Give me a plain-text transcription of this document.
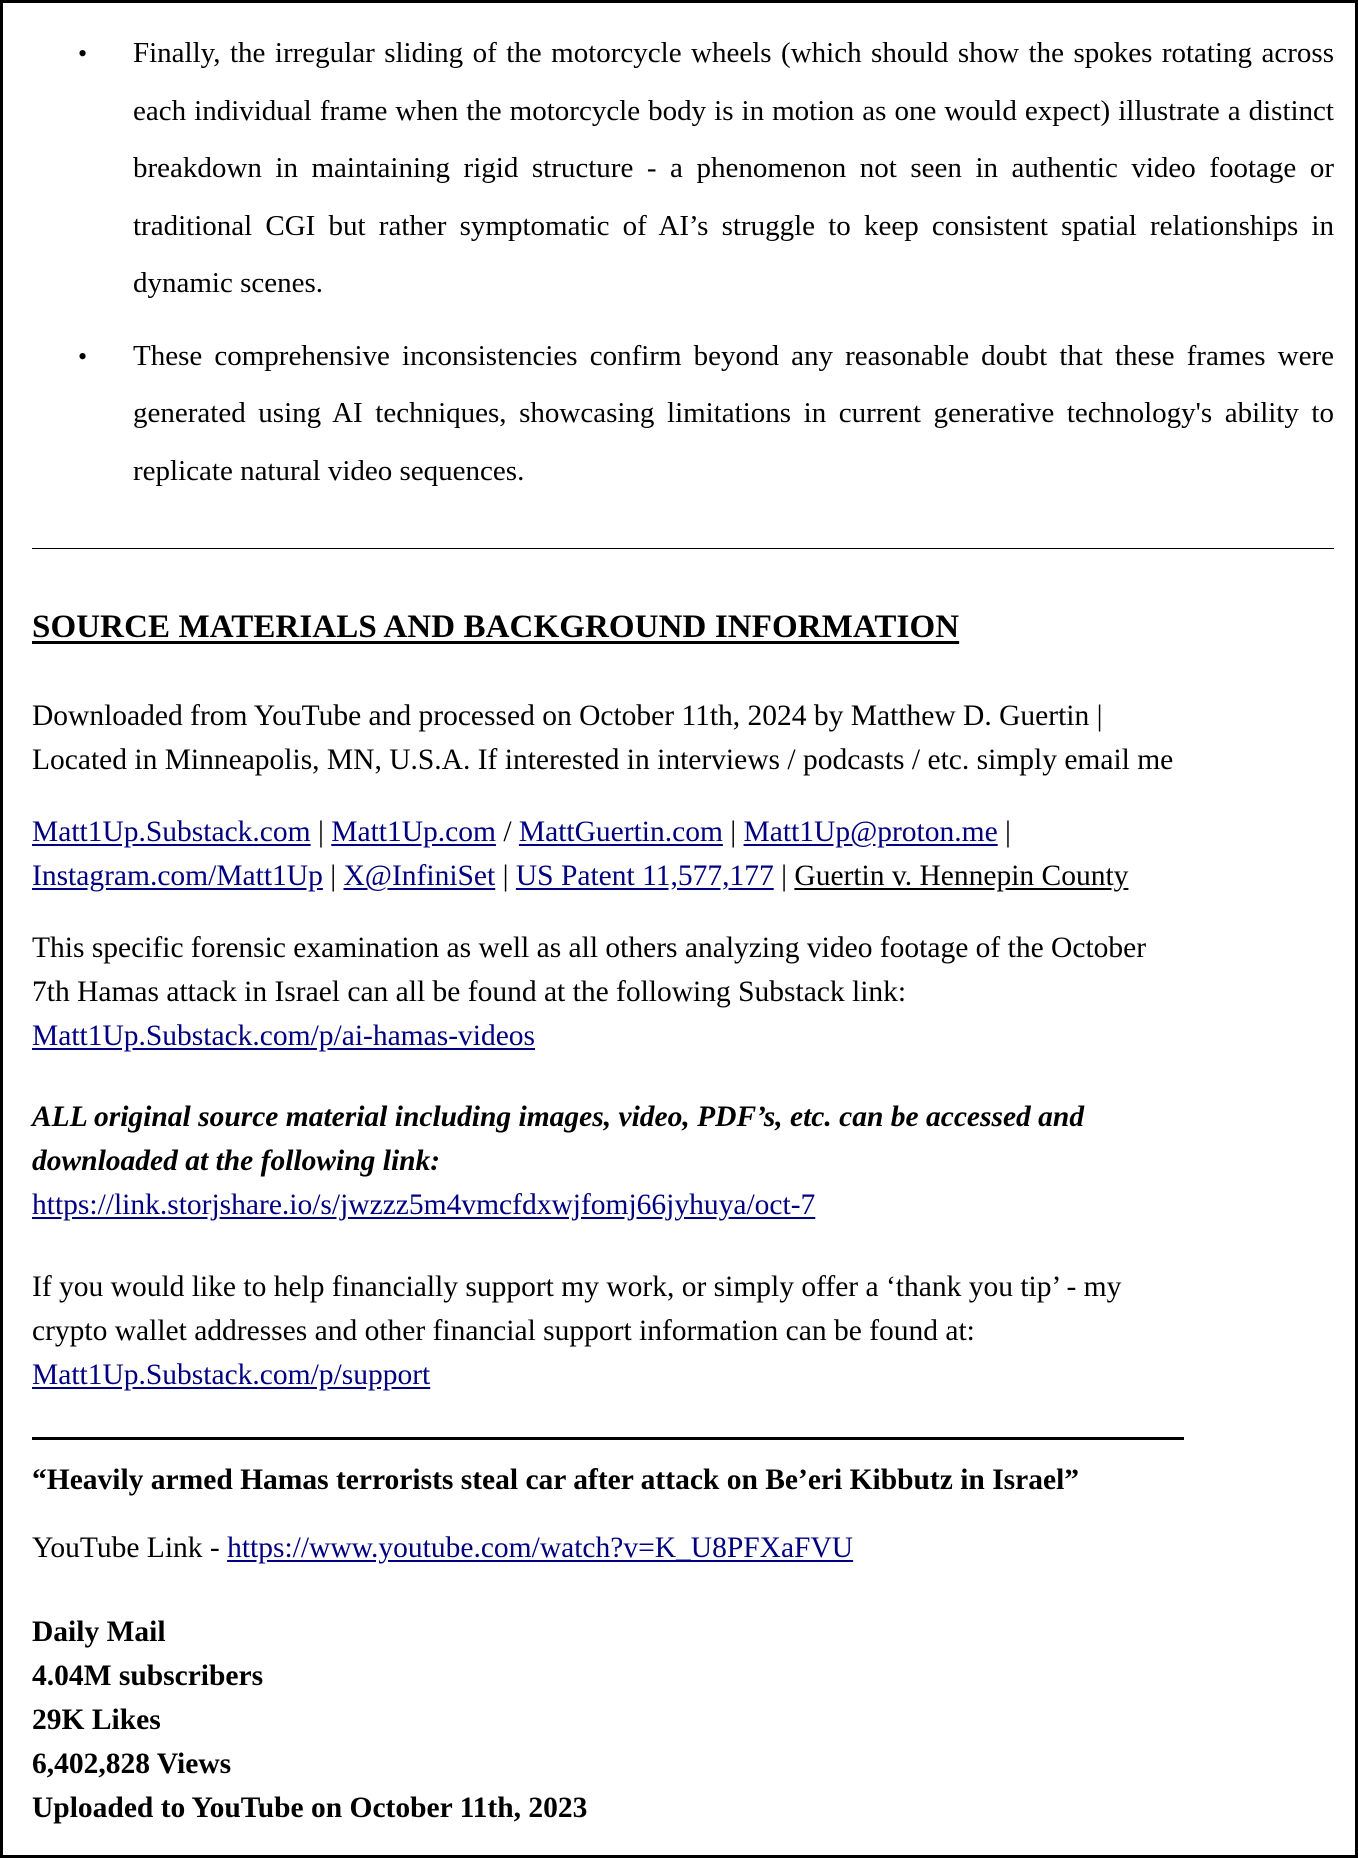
• Finally, the irregular sliding of the motorcycle wheels (which should show the spokes rotating across each individual frame when the motorcycle body is in motion as one would expect) illustrate a distinct breakdown in maintaining rigid structure - a phenomenon not seen in authentic video footage or traditional CGI but rather symptomatic of AI’s struggle to keep consistent spatial relationships in dynamic scenes.
• These comprehensive inconsistencies confirm beyond any reasonable doubt that these frames were generated using AI techniques, showcasing limitations in current generative technology's ability to replicate natural video sequences.
SOURCE MATERIALS AND BACKGROUND INFORMATION
Downloaded from YouTube and processed on October 11th, 2024 by Matthew D. Guertin |
Located in Minneapolis, MN, U.S.A. If interested in interviews / podcasts / etc. simply email me
Matt1Up.Substack.com | Matt1Up.com / MattGuertin.com | Matt1Up@proton.me |
Instagram.com/Matt1Up | X@InfiniSet | US Patent 11,577,177 | Guertin v. Hennepin County
This specific forensic examination as well as all others analyzing video footage of the October
7th Hamas attack in Israel can all be found at the following Substack link:
Matt1Up.Substack.com/p/ai-hamas-videos
ALL original source material including images, video, PDF’s, etc. can be accessed and
downloaded at the following link:
https://link.storjshare.io/s/jwzzz5m4vmcfdxwjfomj66jyhuya/oct-7
If you would like to help financially support my work, or simply offer a ‘thank you tip’ - my
crypto wallet addresses and other financial support information can be found at:
Matt1Up.Substack.com/p/support
“Heavily armed Hamas terrorists steal car after attack on Be’eri Kibbutz in Israel”
YouTube Link - https://www.youtube.com/watch?v=K_U8PFXaFVU
Daily Mail
4.04M subscribers
29K Likes
6,402,828 Views
Uploaded to YouTube on October 11th, 2023
